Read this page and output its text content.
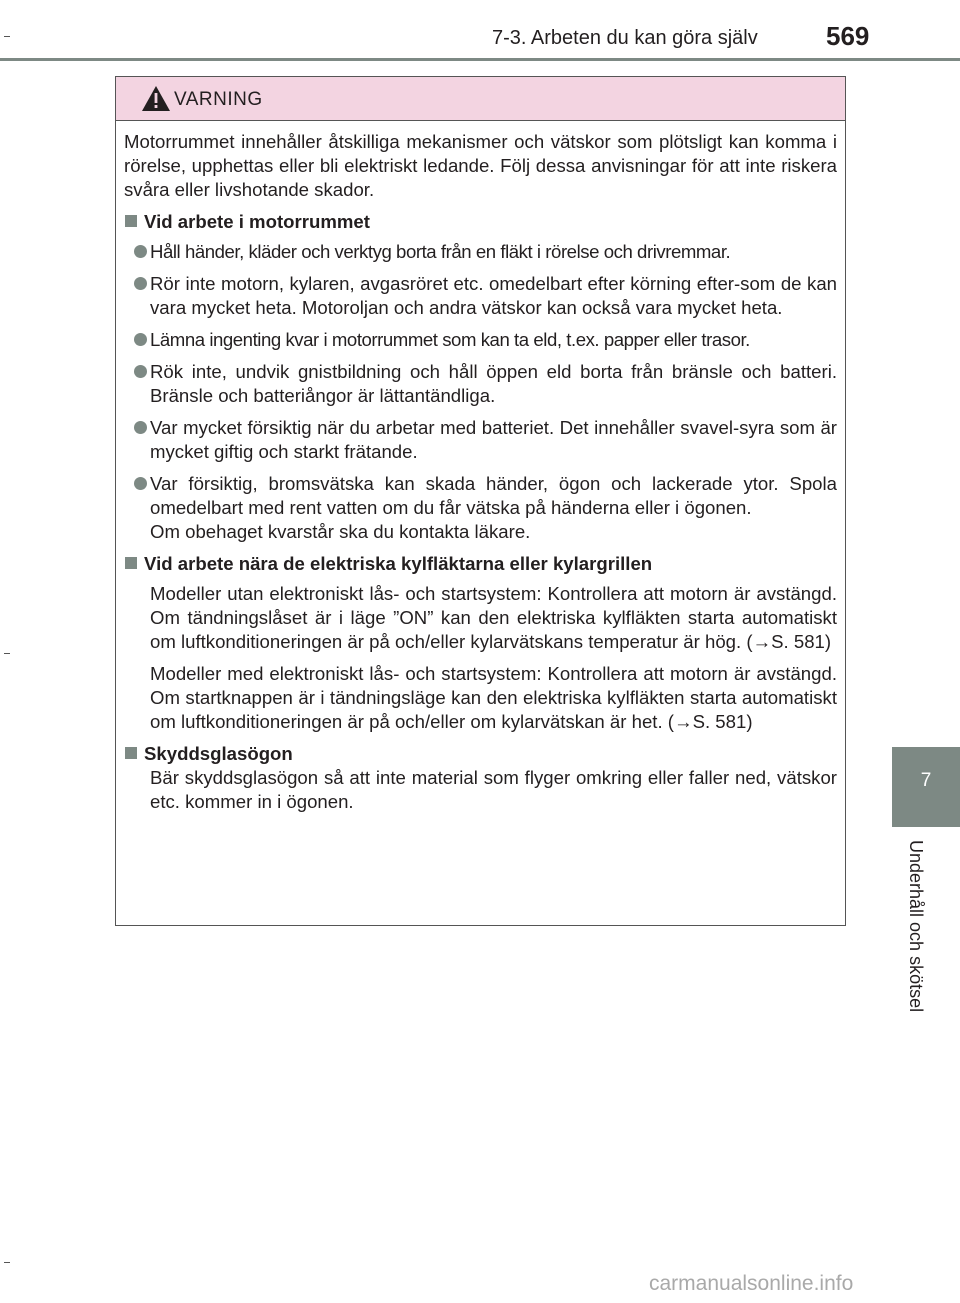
7-3. Arbeten du kan göra själv	569
VARNING

Motorrummet innehåller åtskilliga mekanismer och vätskor som plötsligt kan komma i rörelse, upphettas eller bli elektriskt ledande. Följ dessa anvisningar för att inte riskera svåra eller livshotande skador.

Vid arbete i motorrummet
Håll händer, kläder och verktyg borta från en fläkt i rörelse och drivremmar.
Rör inte motorn, kylaren, avgasröret etc. omedelbart efter körning efter-som de kan vara mycket heta. Motoroljan och andra vätskor kan också vara mycket heta.
Lämna ingenting kvar i motorrummet som kan ta eld, t.ex. papper eller trasor.
Rök inte, undvik gnistbildning och håll öppen eld borta från bränsle och batteri. Bränsle och batteriångor är lättantändliga.
Var mycket försiktig när du arbetar med batteriet. Det innehåller svavel-syra som är mycket giftig och starkt frätande.
Var försiktig, bromsvätska kan skada händer, ögon och lackerade ytor. Spola omedelbart med rent vatten om du får vätska på händerna eller i ögonen.
Om obehaget kvarstår ska du kontakta läkare.
Vid arbete nära de elektriska kylfläktarna eller kylargrillen

Modeller utan elektroniskt lås- och startsystem: Kontrollera att motorn är avstängd. Om tändningslåset är i läge ”ON” kan den elektriska kylfläkten starta automatiskt om luftkonditioneringen är på och/eller kylarvätskans temperatur är hög. (→S. 581)

Modeller med elektroniskt lås- och startsystem: Kontrollera att motorn är avstängd. Om startknappen är i tändningsläge kan den elektriska kylfläkten starta automatiskt om luftkonditioneringen är på och/eller om kylarvätskan är het. (→S. 581)

Skyddsglasögon

Bär skyddsglasögon så att inte material som flyger omkring eller faller ned, vätskor etc. kommer in i ögonen.

7
Underhåll och skötsel
carmanualsonline.info
